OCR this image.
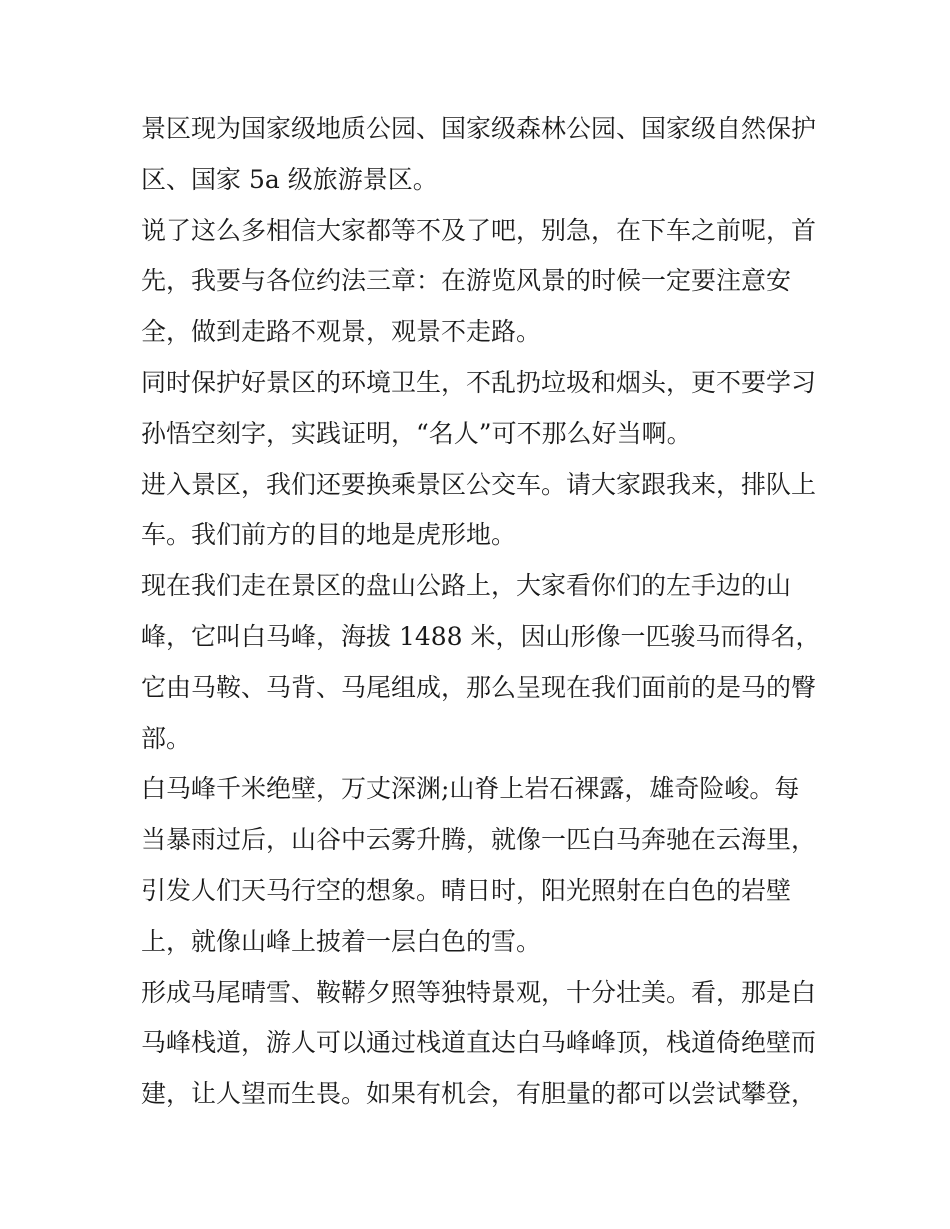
景区现为国家级地质公园、国家级森林公园、国家级自然保护
区、国家 5a 级旅游景区。

说了这么多相信大家都等不及了吧，别急，在下车之前呢，首
先，我要与各位约法三章：在游览风景的时候一定要注意安
全，做到走路不观景，观景不走路。

同时保护好景区的环境卫生，不乱扔垃圾和烟头，更不要学习
孙悟空刻字，实践证明，“名人”可不那么好当啊。

进入景区，我们还要换乘景区公交车。请大家跟我来，排队上
车。我们前方的目的地是虎形地。

现在我们走在景区的盘山公路上，大家看你们的左手边的山
峰，它叫白马峰，海拔 1488 米，因山形像一匹骏马而得名，
它由马鞍、马背、马尾组成，那么呈现在我们面前的是马的臀
部。

白马峰千米绝壁，万丈深渊;山脊上岩石裸露，雄奇险峻。每
当暴雨过后，山谷中云雾升腾，就像一匹白马奔驰在云海里，
引发人们天马行空的想象。晴日时，阳光照射在白色的岩壁
上，就像山峰上披着一层白色的雪。

形成马尾晴雪、鞍鞯夕照等独特景观，十分壮美。看，那是白
马峰栈道，游人可以通过栈道直达白马峰峰顶，栈道倚绝壁而
建，让人望而生畏。如果有机会，有胆量的都可以尝试攀登，
